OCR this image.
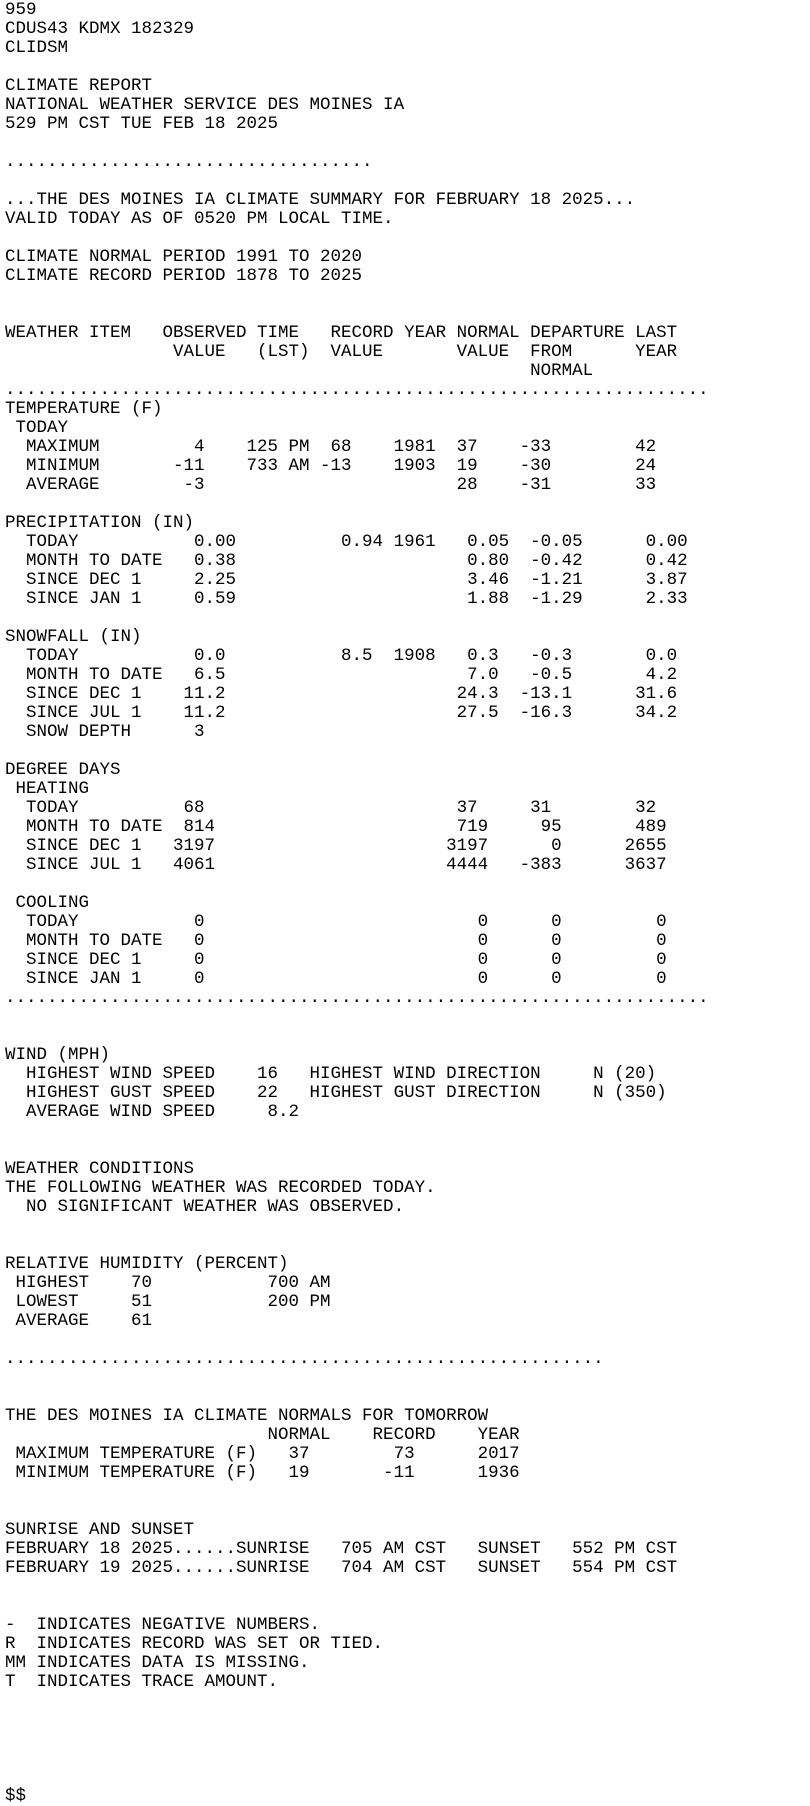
959
CDUS43 KDMX 182329
CLIDSM
CLIMATE REPORT
NATIONAL WEATHER SERVICE DES MOINES IA
529 PM CST TUE FEB 18 2025
...................................
...THE DES MOINES IA CLIMATE SUMMARY FOR FEBRUARY 18 2025...
VALID TODAY AS OF 0520 PM LOCAL TIME.
CLIMATE NORMAL PERIOD 1991 TO 2020
CLIMATE RECORD PERIOD 1878 TO 2025
WEATHER ITEM   OBSERVED TIME   RECORD YEAR NORMAL DEPARTURE LAST
VALUE   (LST)  VALUE       VALUE  FROM      YEAR
NORMAL
...................................................................
TEMPERATURE (F)
TODAY
MAXIMUM         4    125 PM  68    1981  37    -33        42
MINIMUM       -11    733 AM -13    1903  19    -30        24
AVERAGE        -3                        28    -31        33
PRECIPITATION (IN)
TODAY           0.00          0.94 1961   0.05  -0.05      0.00
MONTH TO DATE   0.38                      0.80  -0.42      0.42
SINCE DEC 1     2.25                      3.46  -1.21      3.87
SINCE JAN 1     0.59                      1.88  -1.29      2.33
SNOWFALL (IN)
TODAY           0.0           8.5  1908   0.3   -0.3       0.0
MONTH TO DATE   6.5                       7.0   -0.5       4.2
SINCE DEC 1    11.2                      24.3  -13.1      31.6
SINCE JUL 1    11.2                      27.5  -16.3      34.2
SNOW DEPTH      3
DEGREE DAYS
HEATING
TODAY          68                        37     31        32
MONTH TO DATE  814                       719     95       489
SINCE DEC 1   3197                      3197      0      2655
SINCE JUL 1   4061                      4444   -383      3637
COOLING
TODAY           0                          0      0         0
MONTH TO DATE   0                          0      0         0
SINCE DEC 1     0                          0      0         0
SINCE JAN 1     0                          0      0         0
...................................................................
WIND (MPH)
HIGHEST WIND SPEED    16   HIGHEST WIND DIRECTION     N (20)
HIGHEST GUST SPEED    22   HIGHEST GUST DIRECTION     N (350)
AVERAGE WIND SPEED     8.2
WEATHER CONDITIONS
THE FOLLOWING WEATHER WAS RECORDED TODAY.
NO SIGNIFICANT WEATHER WAS OBSERVED.
RELATIVE HUMIDITY (PERCENT)
HIGHEST    70           700 AM
LOWEST     51           200 PM
AVERAGE    61
.........................................................
THE DES MOINES IA CLIMATE NORMALS FOR TOMORROW
NORMAL    RECORD    YEAR
MAXIMUM TEMPERATURE (F)   37        73      2017
MINIMUM TEMPERATURE (F)   19       -11      1936
SUNRISE AND SUNSET
FEBRUARY 18 2025......SUNRISE   705 AM CST   SUNSET   552 PM CST
FEBRUARY 19 2025......SUNRISE   704 AM CST   SUNSET   554 PM CST
-  INDICATES NEGATIVE NUMBERS.
R  INDICATES RECORD WAS SET OR TIED.
MM INDICATES DATA IS MISSING.
T  INDICATES TRACE AMOUNT.
$$
